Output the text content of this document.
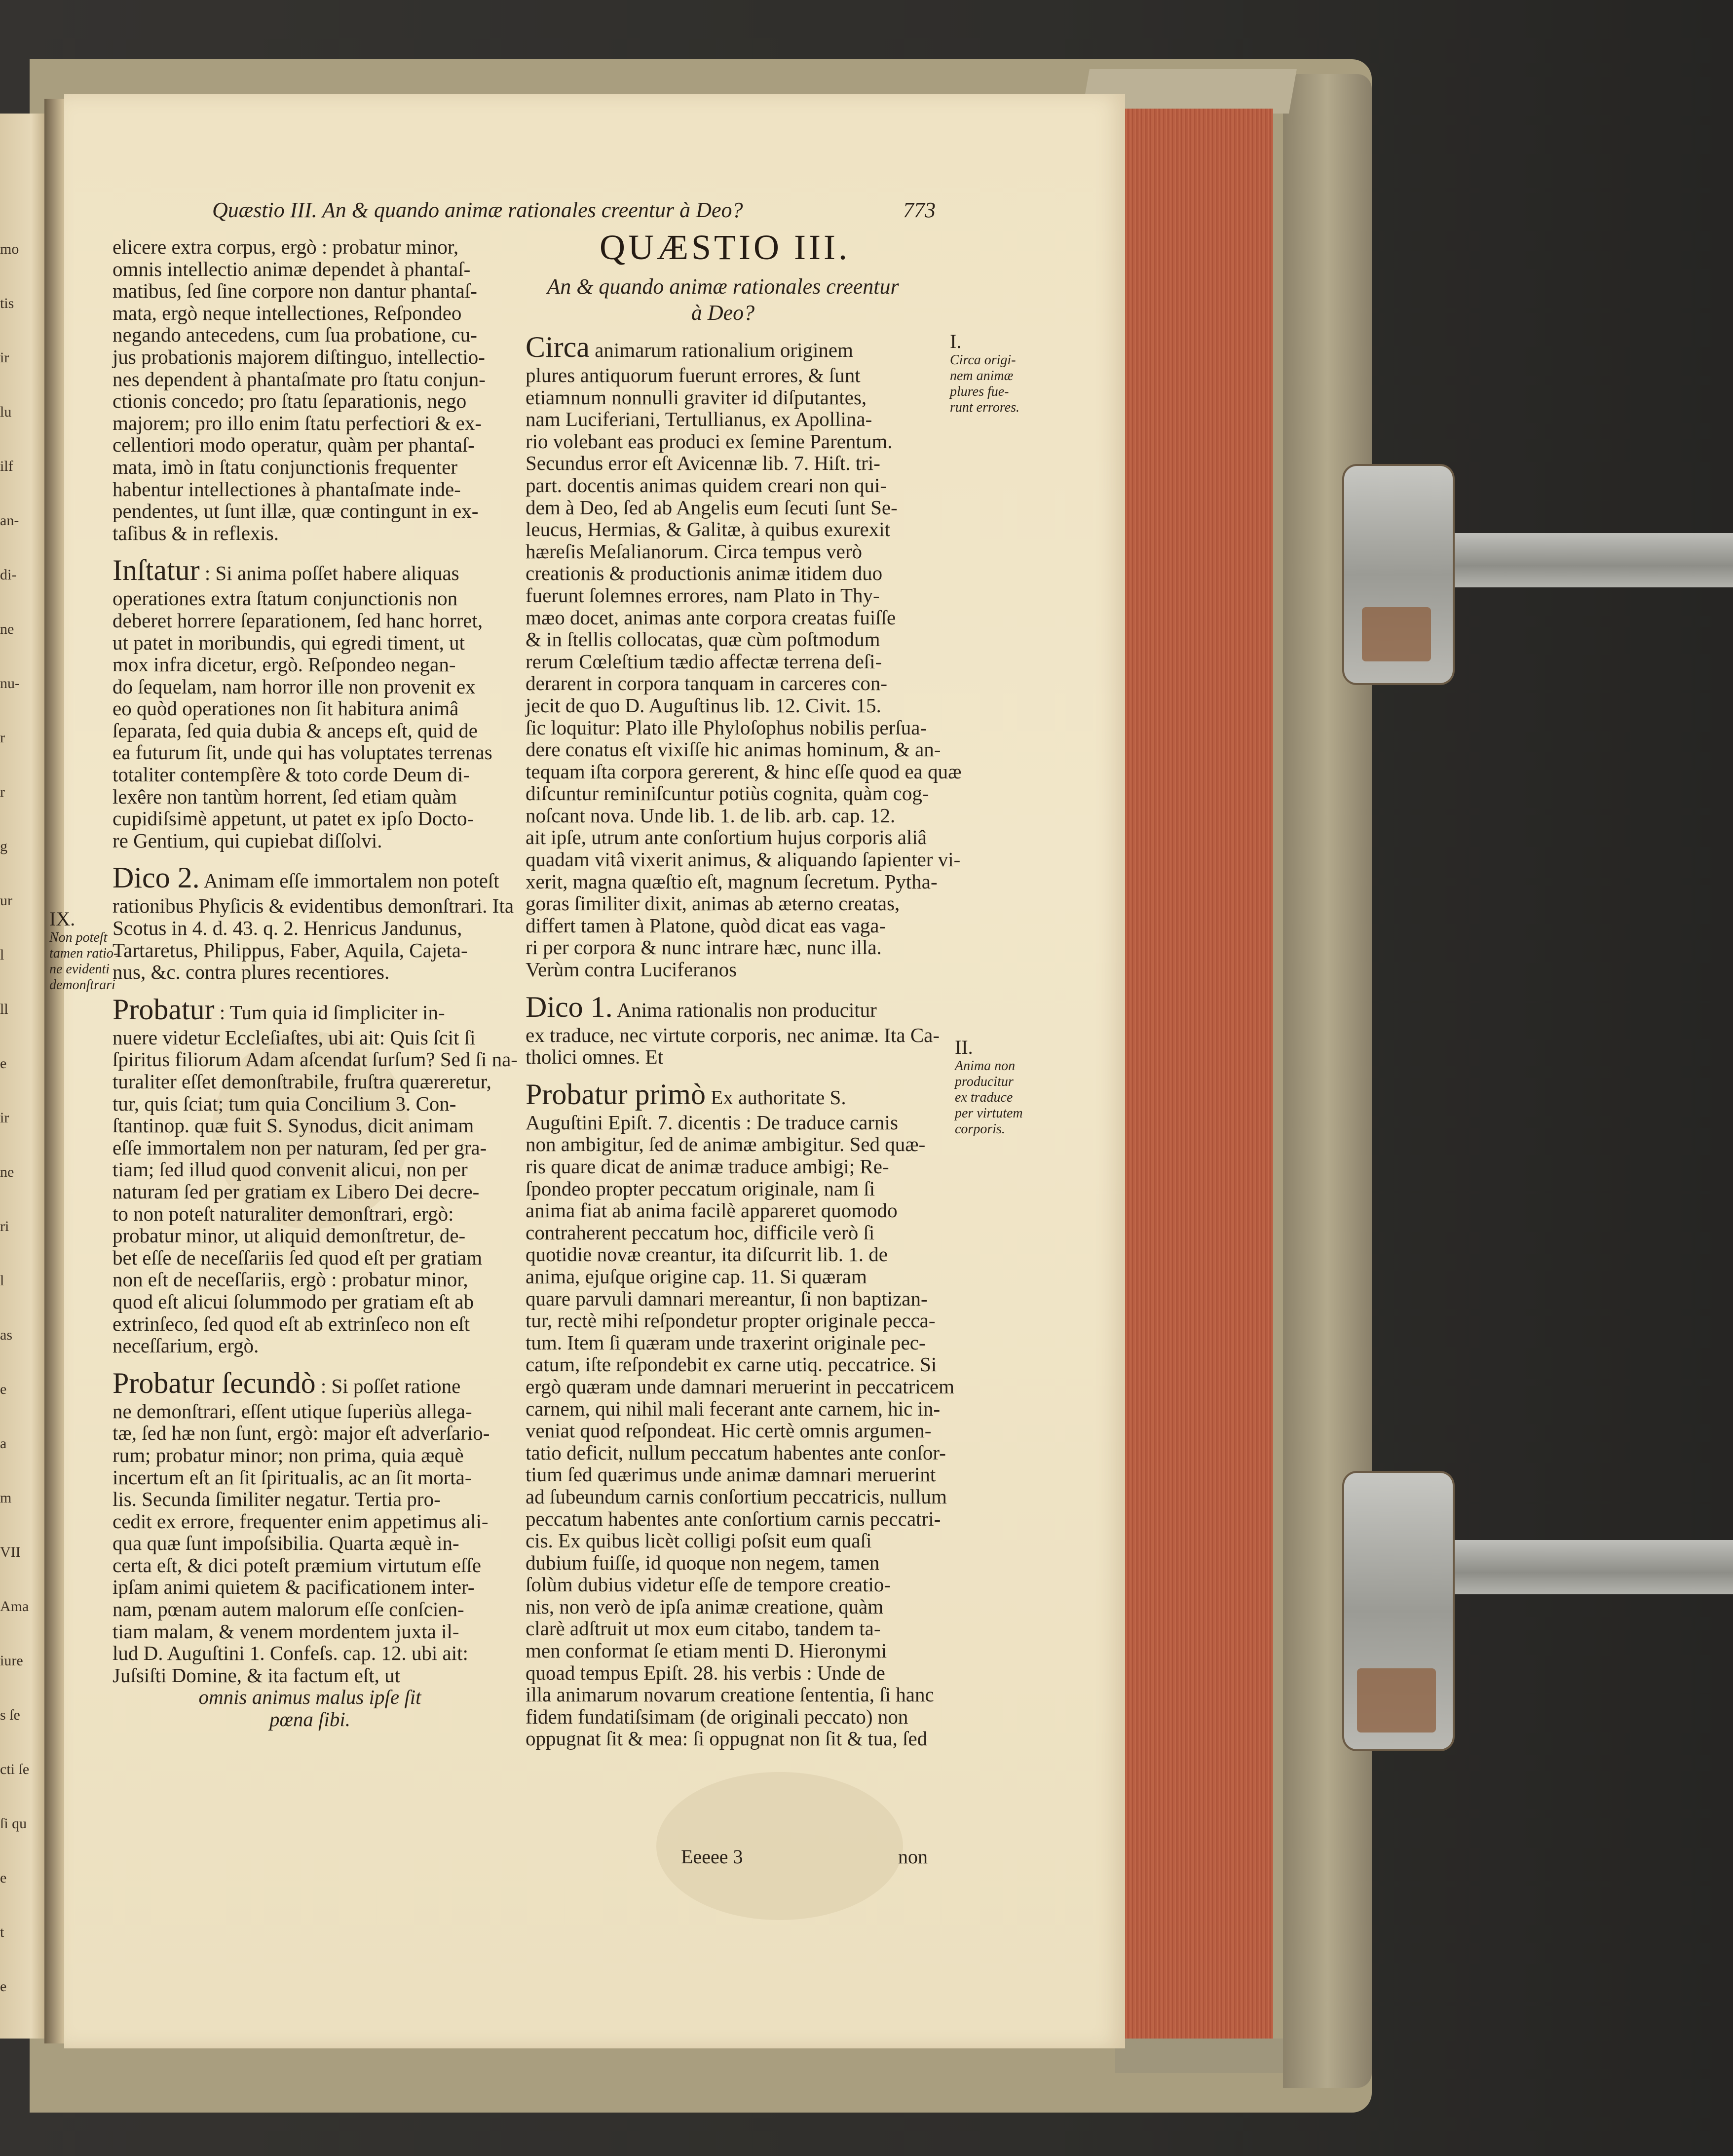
mo
tis
ir
lu
ilf
an-
di-
ne
nu-
r
r
g
ur
l
ll
e
ir
ne
ri
l
as
e
a
m
VII
Ama
iure
s ſe
cti ſe
ſi qu
e
t
e
Quæstio III. An & quando animæ rationales creentur à Deo?	773
elicere extra corpus, ergò : probatur minor,
omnis intellectio animæ dependet à phantaſ-
matibus, ſed ſine corpore non dantur phantaſ-
mata, ergò neque intellectiones, Reſpondeo
negando antecedens, cum ſua probatione, cu-
jus probationis majorem diſtinguo, intellectio-
nes dependent à phantaſmate pro ſtatu conjun-
ctionis concedo; pro ſtatu ſeparationis, nego
majorem; pro illo enim ſtatu perfectiori & ex-
cellentiori modo operatur, quàm per phantaſ-
mata, imò in ſtatu conjunctionis frequenter
habentur intellectiones à phantaſmate inde-
pendentes, ut ſunt illæ, quæ contingunt in ex-
taſibus & in reflexis.
Inſtatur : Si anima poſſet habere aliquas
operationes extra ſtatum conjunctionis non
deberet horrere ſeparationem, ſed hanc horret,
ut patet in moribundis, qui egredi timent, ut
mox infra dicetur, ergò. Reſpondeo negan-
do ſequelam, nam horror ille non provenit ex
eo quòd operationes non ſit habitura animâ
ſeparata, ſed quia dubia & anceps eſt, quid de
ea futurum ſit, unde qui has voluptates terrenas
totaliter contempſère & toto corde Deum di-
lexêre non tantùm horrent, ſed etiam quàm
cupidiſsimè appetunt, ut patet ex ipſo Docto-
re Gentium, qui cupiebat diſſolvi.
Dico 2. Animam eſſe immortalem non poteſt
rationibus Phyſicis & evidentibus demonſtrari. Ita
Scotus in 4. d. 43. q. 2. Henricus Jandunus,
Tartaretus, Philippus, Faber, Aquila, Cajeta-
nus, &c. contra plures recentiores.
Probatur : Tum quia id ſimpliciter in-
nuere videtur Eccleſiaſtes, ubi ait: Quis ſcit ſi
ſpiritus filiorum Adam aſcendat ſurſum? Sed ſi na-
turaliter eſſet demonſtrabile, fruſtra quæreretur,
tur, quis ſciat; tum quia Concilium 3. Con-
ſtantinop. quæ fuit S. Synodus, dicit animam
eſſe immortalem non per naturam, ſed per gra-
tiam; ſed illud quod convenit alicui, non per
naturam ſed per gratiam ex Libero Dei decre-
to non poteſt naturaliter demonſtrari, ergò:
probatur minor, ut aliquid demonſtretur, de-
bet eſſe de neceſſariis ſed quod eſt per gratiam
non eſt de neceſſariis, ergò : probatur minor,
quod eſt alicui ſolummodo per gratiam eſt ab
extrinſeco, ſed quod eſt ab extrinſeco non eſt
neceſſarium, ergò.
Probatur ſecundò : Si poſſet ratione
ne demonſtrari, eſſent utique ſuperiùs allega-
tæ, ſed hæ non ſunt, ergò: major eſt adverſario-
rum; probatur minor; non prima, quia æquè
incertum eſt an ſit ſpiritualis, ac an ſit morta-
lis. Secunda ſimiliter negatur. Tertia pro-
cedit ex errore, frequenter enim appetimus ali-
qua quæ ſunt impoſsibilia. Quarta æquè in-
certa eſt, & dici poteſt præmium virtutum eſſe
ipſam animi quietem & pacificationem inter-
nam, pœnam autem malorum eſſe conſcien-
tiam malam, & venem mordentem juxta il-
lud D. Auguſtini 1. Confeſs. cap. 12. ubi ait:
Juſsiſti Domine, & ita factum eſt, ut
omnis animus malus ipſe ſit
pœna ſibi.
IX.
Non poteſt
tamen ratio-
ne evidenti
demonſtrari
QUÆSTIO III.
An & quando animæ rationales creentur
à Deo?
Circa animarum rationalium originem
plures antiquorum fuerunt errores, & ſunt
etiamnum nonnulli graviter id diſputantes,
nam Luciferiani, Tertullianus, ex Apollina-
rio volebant eas produci ex ſemine Parentum.
Secundus error eſt Avicennæ lib. 7. Hiſt. tri-
part. docentis animas quidem creari non qui-
dem à Deo, ſed ab Angelis eum ſecuti ſunt Se-
leucus, Hermias, & Galitæ, à quibus exurexit
hæreſis Meſalianorum. Circa tempus verò
creationis & productionis animæ itidem duo
fuerunt ſolemnes errores, nam Plato in Thy-
mæo docet, animas ante corpora creatas fuiſſe
& in ſtellis collocatas, quæ cùm poſtmodum
rerum Cœleſtium tædio affectæ terrena deſi-
derarent in corpora tanquam in carceres con-
jecit de quo D. Auguſtinus lib. 12. Civit. 15.
ſic loquitur: Plato ille Phyloſophus nobilis perſua-
dere conatus eſt vixiſſe hic animas hominum, & an-
tequam iſta corpora gererent, & hinc eſſe quod ea quæ
diſcuntur reminiſcuntur potiùs cognita, quàm cog-
noſcant nova. Unde lib. 1. de lib. arb. cap. 12.
ait ipſe, utrum ante conſortium hujus corporis aliâ
quadam vitâ vixerit animus, & aliquando ſapienter vi-
xerit, magna quæſtio eſt, magnum ſecretum. Pytha-
goras ſimiliter dixit, animas ab æterno creatas,
differt tamen à Platone, quòd dicat eas vaga-
ri per corpora & nunc intrare hæc, nunc illa.
Verùm contra Luciferanos
Dico 1. Anima rationalis non producitur
ex traduce, nec virtute corporis, nec animæ. Ita Ca-
tholici omnes. Et
Probatur primò Ex authoritate S.
Auguſtini Epiſt. 7. dicentis : De traduce carnis
non ambigitur, ſed de animæ ambigitur. Sed quæ-
ris quare dicat de animæ traduce ambigi; Re-
ſpondeo propter peccatum originale, nam ſi
anima fiat ab anima facilè appareret quomodo
contraherent peccatum hoc, difficile verò ſi
quotidie novæ creantur, ita diſcurrit lib. 1. de
anima, ejuſque origine cap. 11. Si quæram
quare parvuli damnari mereantur, ſi non baptizan-
tur, rectè mihi reſpondetur propter originale pecca-
tum. Item ſi quæram unde traxerint originale pec-
catum, iſte reſpondebit ex carne utiq. peccatrice. Si
ergò quæram unde damnari meruerint in peccatricem
carnem, qui nihil mali fecerant ante carnem, hic in-
veniat quod reſpondeat. Hic certè omnis argumen-
tatio deficit, nullum peccatum habentes ante conſor-
tium ſed quærimus unde animæ damnari meruerint
ad ſubeundum carnis conſortium peccatricis, nullum
peccatum habentes ante conſortium carnis peccatri-
cis. Ex quibus licèt colligi poſsit eum quaſi
dubium fuiſſe, id quoque non negem, tamen
ſolùm dubius videtur eſſe de tempore creatio-
nis, non verò de ipſa animæ creatione, quàm
clarè adſtruit ut mox eum citabo, tandem ta-
men conformat ſe etiam menti D. Hieronymi
quoad tempus Epiſt. 28. his verbis : Unde de
illa animarum novarum creatione ſententia, ſi hanc
fidem fundatiſsimam (de originali peccato) non
oppugnat ſit & mea: ſi oppugnat non ſit & tua, ſed
I.
Circa origi-
nem animæ
plures fue-
runt errores.
II.
Anima non
producitur
ex traduce
per virtutem
corporis.
Eeeee 3	non
